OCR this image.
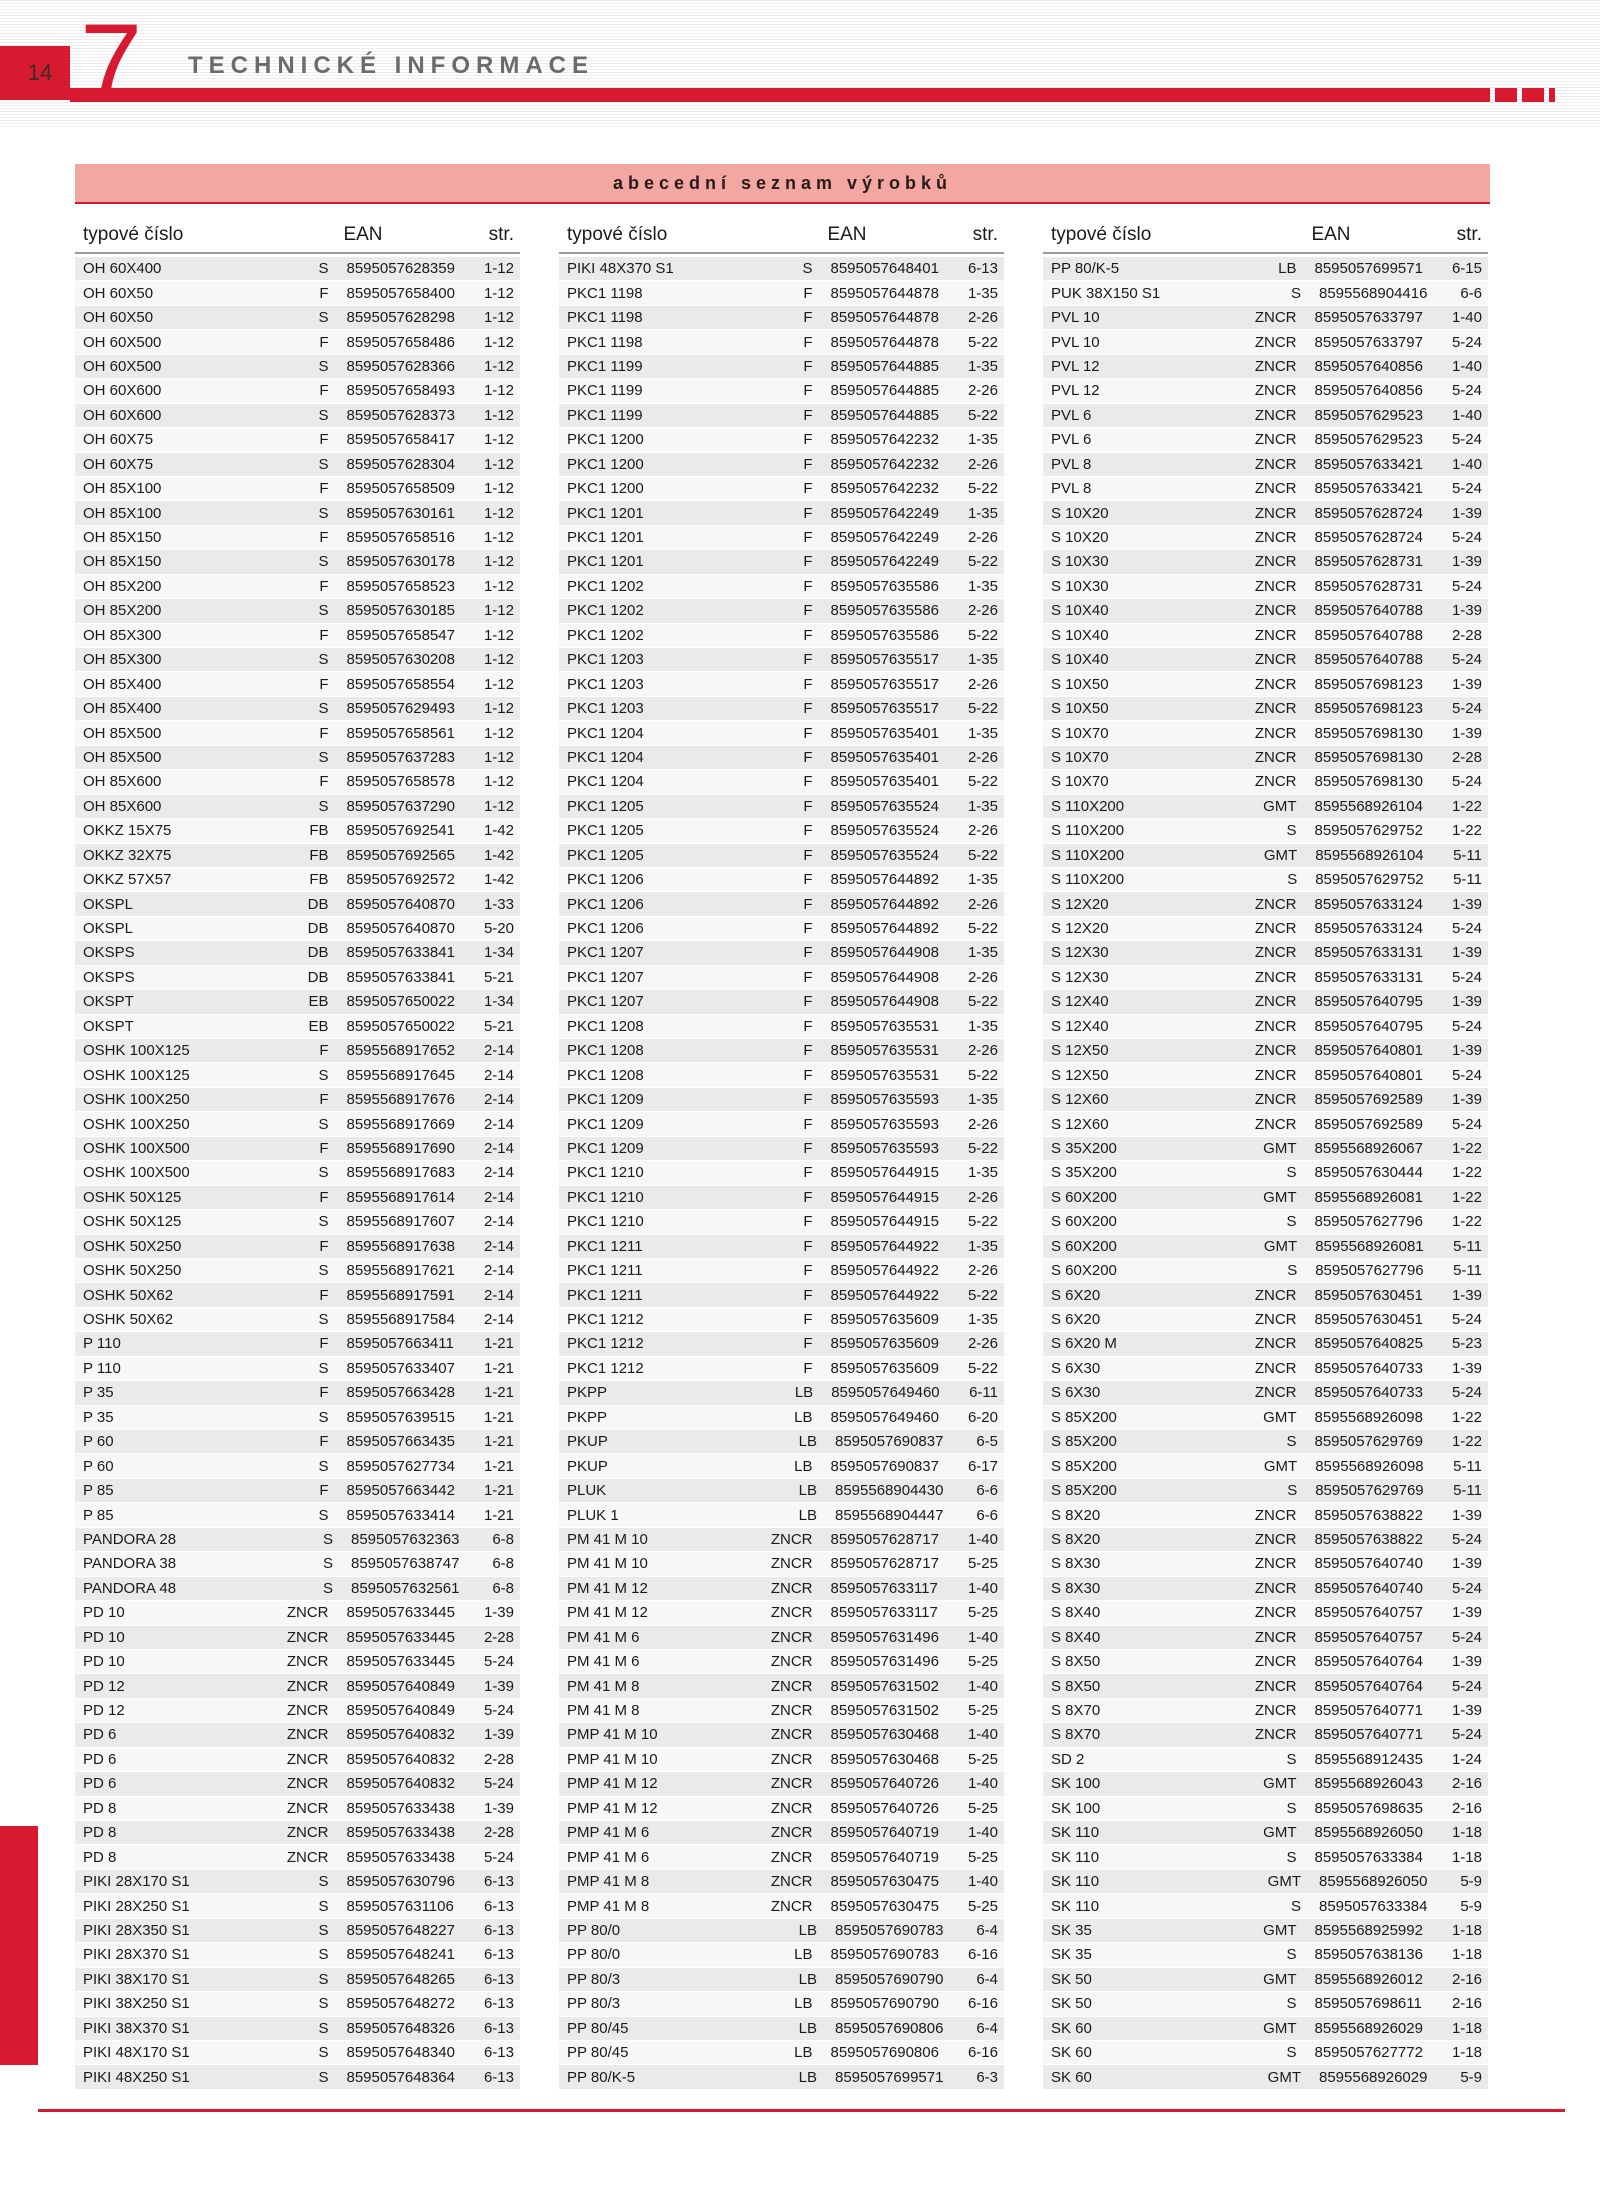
14 7 TECHNICKÉ INFORMACE
abecední seznam výrobků
typové číslo	EAN	str.
OH 60X400	S	8595057628359	1-12
OH 60X50	F	8595057658400	1-12
OH 60X50	S	8595057628298	1-12
OH 60X500	F	8595057658486	1-12
OH 60X500	S	8595057628366	1-12
OH 60X600	F	8595057658493	1-12
OH 60X600	S	8595057628373	1-12
OH 60X75	F	8595057658417	1-12
OH 60X75	S	8595057628304	1-12
OH 85X100	F	8595057658509	1-12
OH 85X100	S	8595057630161	1-12
OH 85X150	F	8595057658516	1-12
OH 85X150	S	8595057630178	1-12
OH 85X200	F	8595057658523	1-12
OH 85X200	S	8595057630185	1-12
OH 85X300	F	8595057658547	1-12
OH 85X300	S	8595057630208	1-12
OH 85X400	F	8595057658554	1-12
OH 85X400	S	8595057629493	1-12
OH 85X500	F	8595057658561	1-12
OH 85X500	S	8595057637283	1-12
OH 85X600	F	8595057658578	1-12
OH 85X600	S	8595057637290	1-12
OKKZ 15X75	FB	8595057692541	1-42
OKKZ 32X75	FB	8595057692565	1-42
OKKZ 57X57	FB	8595057692572	1-42
OKSPL	DB	8595057640870	1-33
OKSPL	DB	8595057640870	5-20
OKSPS	DB	8595057633841	1-34
OKSPS	DB	8595057633841	5-21
OKSPT	EB	8595057650022	1-34
OKSPT	EB	8595057650022	5-21
OSHK 100X125	F	8595568917652	2-14
OSHK 100X125	S	8595568917645	2-14
OSHK 100X250	F	8595568917676	2-14
OSHK 100X250	S	8595568917669	2-14
OSHK 100X500	F	8595568917690	2-14
OSHK 100X500	S	8595568917683	2-14
OSHK 50X125	F	8595568917614	2-14
OSHK 50X125	S	8595568917607	2-14
OSHK 50X250	F	8595568917638	2-14
OSHK 50X250	S	8595568917621	2-14
OSHK 50X62	F	8595568917591	2-14
OSHK 50X62	S	8595568917584	2-14
P 110	F	8595057663411	1-21
P 110	S	8595057633407	1-21
P 35	F	8595057663428	1-21
P 35	S	8595057639515	1-21
P 60	F	8595057663435	1-21
P 60	S	8595057627734	1-21
P 85	F	8595057663442	1-21
P 85	S	8595057633414	1-21
PANDORA 28	S	8595057632363	6-8
PANDORA 38	S	8595057638747	6-8
PANDORA 48	S	8595057632561	6-8
PD 10	ZNCR	8595057633445	1-39
PD 10	ZNCR	8595057633445	2-28
PD 10	ZNCR	8595057633445	5-24
PD 12	ZNCR	8595057640849	1-39
PD 12	ZNCR	8595057640849	5-24
PD 6	ZNCR	8595057640832	1-39
PD 6	ZNCR	8595057640832	2-28
PD 6	ZNCR	8595057640832	5-24
PD 8	ZNCR	8595057633438	1-39
PD 8	ZNCR	8595057633438	2-28
PD 8	ZNCR	8595057633438	5-24
PIKI 28X170 S1	S	8595057630796	6-13
PIKI 28X250 S1	S	8595057631106	6-13
PIKI 28X350 S1	S	8595057648227	6-13
PIKI 28X370 S1	S	8595057648241	6-13
PIKI 38X170 S1	S	8595057648265	6-13
PIKI 38X250 S1	S	8595057648272	6-13
PIKI 38X370 S1	S	8595057648326	6-13
PIKI 48X170 S1	S	8595057648340	6-13
PIKI 48X250 S1	S	8595057648364	6-13
typové číslo	EAN	str.
PIKI 48X370 S1	S	8595057648401	6-13
PKC1 1198	F	8595057644878	1-35
PKC1 1198	F	8595057644878	2-26
PKC1 1198	F	8595057644878	5-22
PKC1 1199	F	8595057644885	1-35
PKC1 1199	F	8595057644885	2-26
PKC1 1199	F	8595057644885	5-22
PKC1 1200	F	8595057642232	1-35
PKC1 1200	F	8595057642232	2-26
PKC1 1200	F	8595057642232	5-22
PKC1 1201	F	8595057642249	1-35
PKC1 1201	F	8595057642249	2-26
PKC1 1201	F	8595057642249	5-22
PKC1 1202	F	8595057635586	1-35
PKC1 1202	F	8595057635586	2-26
PKC1 1202	F	8595057635586	5-22
PKC1 1203	F	8595057635517	1-35
PKC1 1203	F	8595057635517	2-26
PKC1 1203	F	8595057635517	5-22
PKC1 1204	F	8595057635401	1-35
PKC1 1204	F	8595057635401	2-26
PKC1 1204	F	8595057635401	5-22
PKC1 1205	F	8595057635524	1-35
PKC1 1205	F	8595057635524	2-26
PKC1 1205	F	8595057635524	5-22
PKC1 1206	F	8595057644892	1-35
PKC1 1206	F	8595057644892	2-26
PKC1 1206	F	8595057644892	5-22
PKC1 1207	F	8595057644908	1-35
PKC1 1207	F	8595057644908	2-26
PKC1 1207	F	8595057644908	5-22
PKC1 1208	F	8595057635531	1-35
PKC1 1208	F	8595057635531	2-26
PKC1 1208	F	8595057635531	5-22
PKC1 1209	F	8595057635593	1-35
PKC1 1209	F	8595057635593	2-26
PKC1 1209	F	8595057635593	5-22
PKC1 1210	F	8595057644915	1-35
PKC1 1210	F	8595057644915	2-26
PKC1 1210	F	8595057644915	5-22
PKC1 1211	F	8595057644922	1-35
PKC1 1211	F	8595057644922	2-26
PKC1 1211	F	8595057644922	5-22
PKC1 1212	F	8595057635609	1-35
PKC1 1212	F	8595057635609	2-26
PKC1 1212	F	8595057635609	5-22
PKPP	LB	8595057649460	6-11
PKPP	LB	8595057649460	6-20
PKUP	LB	8595057690837	6-5
PKUP	LB	8595057690837	6-17
PLUK	LB	8595568904430	6-6
PLUK 1	LB	8595568904447	6-6
PM 41 M 10	ZNCR	8595057628717	1-40
PM 41 M 10	ZNCR	8595057628717	5-25
PM 41 M 12	ZNCR	8595057633117	1-40
PM 41 M 12	ZNCR	8595057633117	5-25
PM 41 M 6	ZNCR	8595057631496	1-40
PM 41 M 6	ZNCR	8595057631496	5-25
PM 41 M 8	ZNCR	8595057631502	1-40
PM 41 M 8	ZNCR	8595057631502	5-25
PMP 41 M 10	ZNCR	8595057630468	1-40
PMP 41 M 10	ZNCR	8595057630468	5-25
PMP 41 M 12	ZNCR	8595057640726	1-40
PMP 41 M 12	ZNCR	8595057640726	5-25
PMP 41 M 6	ZNCR	8595057640719	1-40
PMP 41 M 6	ZNCR	8595057640719	5-25
PMP 41 M 8	ZNCR	8595057630475	1-40
PMP 41 M 8	ZNCR	8595057630475	5-25
PP 80/0	LB	8595057690783	6-4
PP 80/0	LB	8595057690783	6-16
PP 80/3	LB	8595057690790	6-4
PP 80/3	LB	8595057690790	6-16
PP 80/45	LB	8595057690806	6-4
PP 80/45	LB	8595057690806	6-16
PP 80/K-5	LB	8595057699571	6-3
typové číslo	EAN	str.
PP 80/K-5	LB	8595057699571	6-15
PUK 38X150 S1	S	8595568904416	6-6
PVL 10	ZNCR	8595057633797	1-40
PVL 10	ZNCR	8595057633797	5-24
PVL 12	ZNCR	8595057640856	1-40
PVL 12	ZNCR	8595057640856	5-24
PVL 6	ZNCR	8595057629523	1-40
PVL 6	ZNCR	8595057629523	5-24
PVL 8	ZNCR	8595057633421	1-40
PVL 8	ZNCR	8595057633421	5-24
S 10X20	ZNCR	8595057628724	1-39
S 10X20	ZNCR	8595057628724	5-24
S 10X30	ZNCR	8595057628731	1-39
S 10X30	ZNCR	8595057628731	5-24
S 10X40	ZNCR	8595057640788	1-39
S 10X40	ZNCR	8595057640788	2-28
S 10X40	ZNCR	8595057640788	5-24
S 10X50	ZNCR	8595057698123	1-39
S 10X50	ZNCR	8595057698123	5-24
S 10X70	ZNCR	8595057698130	1-39
S 10X70	ZNCR	8595057698130	2-28
S 10X70	ZNCR	8595057698130	5-24
S 110X200	GMT	8595568926104	1-22
S 110X200	S	8595057629752	1-22
S 110X200	GMT	8595568926104	5-11
S 110X200	S	8595057629752	5-11
S 12X20	ZNCR	8595057633124	1-39
S 12X20	ZNCR	8595057633124	5-24
S 12X30	ZNCR	8595057633131	1-39
S 12X30	ZNCR	8595057633131	5-24
S 12X40	ZNCR	8595057640795	1-39
S 12X40	ZNCR	8595057640795	5-24
S 12X50	ZNCR	8595057640801	1-39
S 12X50	ZNCR	8595057640801	5-24
S 12X60	ZNCR	8595057692589	1-39
S 12X60	ZNCR	8595057692589	5-24
S 35X200	GMT	8595568926067	1-22
S 35X200	S	8595057630444	1-22
S 60X200	GMT	8595568926081	1-22
S 60X200	S	8595057627796	1-22
S 60X200	GMT	8595568926081	5-11
S 60X200	S	8595057627796	5-11
S 6X20	ZNCR	8595057630451	1-39
S 6X20	ZNCR	8595057630451	5-24
S 6X20 M	ZNCR	8595057640825	5-23
S 6X30	ZNCR	8595057640733	1-39
S 6X30	ZNCR	8595057640733	5-24
S 85X200	GMT	8595568926098	1-22
S 85X200	S	8595057629769	1-22
S 85X200	GMT	8595568926098	5-11
S 85X200	S	8595057629769	5-11
S 8X20	ZNCR	8595057638822	1-39
S 8X20	ZNCR	8595057638822	5-24
S 8X30	ZNCR	8595057640740	1-39
S 8X30	ZNCR	8595057640740	5-24
S 8X40	ZNCR	8595057640757	1-39
S 8X40	ZNCR	8595057640757	5-24
S 8X50	ZNCR	8595057640764	1-39
S 8X50	ZNCR	8595057640764	5-24
S 8X70	ZNCR	8595057640771	1-39
S 8X70	ZNCR	8595057640771	5-24
SD 2	S	8595568912435	1-24
SK 100	GMT	8595568926043	2-16
SK 100	S	8595057698635	2-16
SK 110	GMT	8595568926050	1-18
SK 110	S	8595057633384	1-18
SK 110	GMT	8595568926050	5-9
SK 110	S	8595057633384	5-9
SK 35	GMT	8595568925992	1-18
SK 35	S	8595057638136	1-18
SK 50	GMT	8595568926012	2-16
SK 50	S	8595057698611	2-16
SK 60	GMT	8595568926029	1-18
SK 60	S	8595057627772	1-18
SK 60	GMT	8595568926029	5-9
